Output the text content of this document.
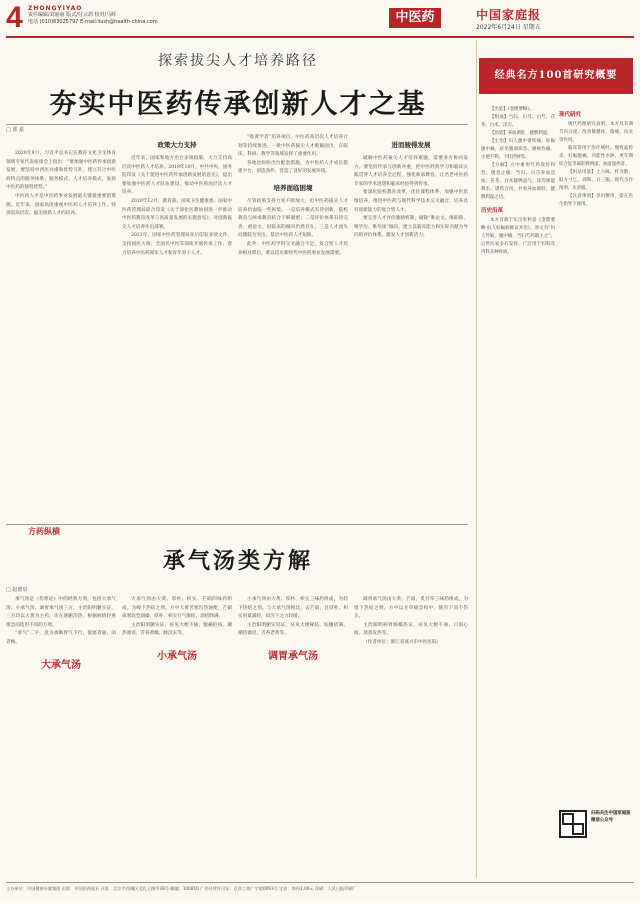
4 ZHONGYIYAO
责任编辑/刘丽丽 版式/付云鸽 校对/马晖
电话 (010)83025797 E-mail:liush@health-china.com	中医药	中国家庭报
2022年6月24日 星期五
探索拔尖人才培养路径
夯实中医药传承创新人才之基
□ 邱 嘉

2020年9月，习近平总书记在教育文化卫生体育领域专家代表座谈会上指出：“要加强中医药传承创新发展，要坚持中西医并重和优势互补，建立符合中医药特点的服务体系、服务模式、人才培养模式，发挥中医药的独特优势。”

中医药人才是中医药事业发展最关键最重要的资源。近年来，国家高度重视中医药人才培养工作，特别是高层次、拔尖创新人才的培养。

政策大力支持

近年来，国家和地方出台多项政策，大力支持高层次中医药人才培养。2019年10月，中共中央、国务院印发《关于促进中医药传承创新发展的意见》，提出要加强中医药人才队伍建设，推动中医药高层次人才培养。

2020年12月，教育部、国家卫生健康委、国家中医药管理局联合印发《关于深化医教协同进一步推动中医药教育改革与高质量发展的实施意见》，对创新拔尖人才培养作出部署。

2021年，国家中医药管理局先后印发多项文件，支持国医大师、全国名中医等领衔开展传承工作，着力培养中医药领军人才和青年骨干人才。

“岐黄学者”培养项目、中医药高层次人才培养计划等持续推进，一批中医药拔尖人才脱颖而出，在临床、科研、教学等领域发挥了重要作用。

各地也纷纷出台配套措施，为中医药人才成长搭建平台、创造条件，营造了良好的发展环境。

培养面临困境

尽管政策支持力度不断加大，但中医药拔尖人才培养仍面临一些困境。一是培养模式有待创新，院校教育与师承教育结合不够紧密；二是评价体系有待完善，重论文、轻临床的倾向仍然存在；三是人才流失问题较为突出，基层中医药人才短缺。

此外，中医药学科交叉融合不足，复合型人才培养相对滞后，难以适应新时代中医药事业发展需要。

进而骏得发展

破解中医药拔尖人才培养难题，需要多方协同发力。要坚持传承与创新并重，把中医经典学习和临床实践贯穿人才培养全过程，强化师承教育，让名老中医药专家的学术思想和临床经验得到传承。

要深化院校教育改革，优化课程体系，加强中医思维培养，推进中医药与现代科学技术交叉融合，培养具有创新能力的复合型人才。

要完善人才评价激励机制，破除“唯论文、唯职称、唯学历、唯奖项”倾向，建立以临床能力和实际贡献为导向的评价体系，激发人才创新活力。

方药纵横
承气汤类方解
□ 赵德泉

承气汤是《伤寒论》中的经典方剂，包括大承气汤、小承气汤、调胃承气汤三方，主治阳明腑实证。三方均以大黄为主药，功在通腑泻热，根据病情轻重缓急而选用不同的方剂。

“承气”二字，意为承顺胃气下行，使塞者通、闭者畅。

大承气汤

大承气汤由大黄、厚朴、枳实、芒硝四味药组成，为峻下热结之剂。方中大黄苦寒泻热通便，芒硝咸寒软坚润燥，厚朴、枳实行气散结、消痞除满。

主治阳明腑实证，症见大便不通、腹痛拒按、潮热谵语、舌苔黄燥、脉沉实等。

小承气汤

小承气汤由大黄、厚朴、枳实三味药组成，为轻下热结之剂。与大承气汤相比，去芒硝，且厚朴、枳实用量减轻，故泻下之力较缓。

主治阳明腑实轻证，症见大便秘结、脘腹痞满、潮热谵语、舌苔老黄等。

调胃承气汤

调胃承气汤由大黄、芒硝、炙甘草三味药组成，为缓下热结之剂。方中以甘草缓急和中，使泻下而不伤正。

主治阳明病胃肠燥热证，症见大便不通、口渴心烦、蒸蒸发热等。

（作者单位：浙江省嘉兴市中医医院）

经典名方100首研究概要

【出处】《金匮要略》。

【组成】当归、川芎、白芍、茯苓、白术、泽泻。

【功效】养血调肝，健脾利湿。

【主治】妇人腹中诸疾痛，妊娠腹中痛，症见腹部拘急、绵绵作痛、小便不利、下肢浮肿等。

【方解】方中重用芍药敛肝和营、缓急止痛；当归、川芎养血活血；茯苓、白术健脾益气；泽泻渗湿利水。诸药合用，共奏养血调肝、健脾利湿之功。

历史沿革

本方首载于东汉张仲景《金匮要略·妇人妊娠病脉证并治》，原文为“妇人怀娠，腹中痛，当归芍药散主之”。后世医家多有发挥，广泛用于妇科及内科多种疾病。

现代研究

现代药理研究表明，本方具有调节内分泌、改善微循环、镇痛、抗炎等作用。

临床常用于治疗痛经、慢性盆腔炎、妊娠腹痛、功能性水肿、更年期综合征等属肝脾两虚、血虚湿停者。

【用法用量】上六味，杵为散，取方寸匕，酒和，日三服。现代多作汤剂，水煎服。

【注意事项】孕妇慎用，需在医生指导下使用。

扫码关注中国家庭报微信公众号
主办单位：中国健康传媒集团 出版：中国医药报社 社址：北京市西城区北礼士路甲38号 邮编：100810 广告经营许可证：京西工商广字第0093号 定价：每份1.00元 印刷：人民日报印刷厂
